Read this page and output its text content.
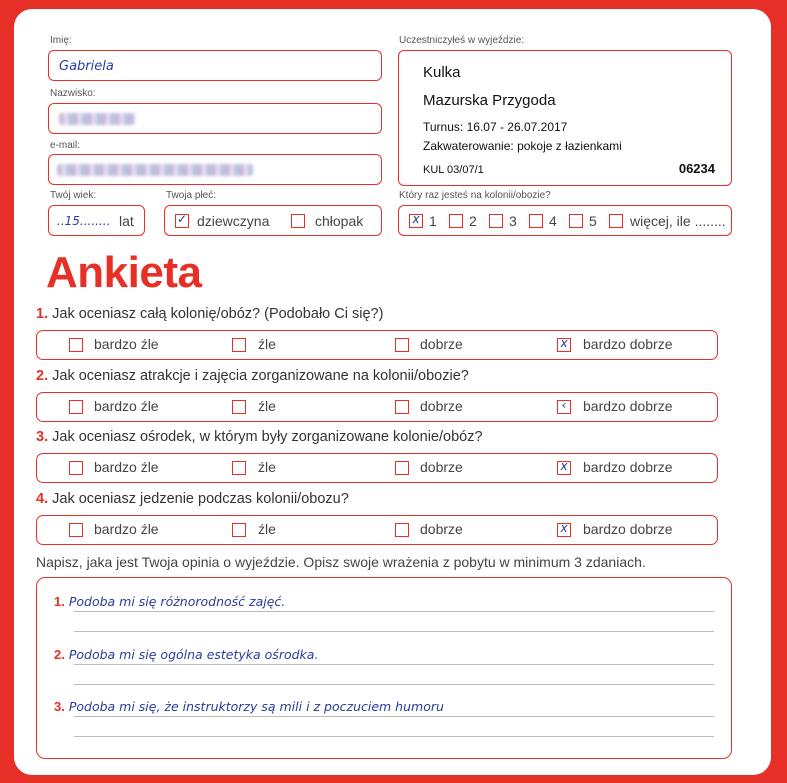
Imię:
Gabriela
Nazwisko:
e-mail:
Twój wiek:
..15........ lat
Twoja płeć:
✓ dziewczyna	chłopak
Uczestniczyłeś w wyjeździe:
Kulka
Mazurska Przygoda
Turnus: 16.07 - 26.07.2017
Zakwaterowanie: pokoje z łazienkami
KUL 03/07/1	06234
Który raz jesteś na kolonii/obozie?
x 1 2 3 4 5 więcej, ile ........
Ankieta
1. Jak oceniasz całą kolonię/obóz? (Podobało Ci się?)
bardzo źle	źle	dobrze	x bardzo dobrze
2. Jak oceniasz atrakcje i zajęcia zorganizowane na kolonii/obozie?
bardzo źle	źle	dobrze	‹ bardzo dobrze
3. Jak oceniasz ośrodek, w którym były zorganizowane kolonie/obóz?
bardzo źle	źle	dobrze	x bardzo dobrze
4. Jak oceniasz jedzenie podczas kolonii/obozu?
bardzo źle	źle	dobrze	x bardzo dobrze
Napisz, jaka jest Twoja opinia o wyjeździe. Opisz swoje wrażenia z pobytu w minimum 3 zdaniach.
1. Podoba mi się różnorodność zajęć.
2. Podoba mi się ogólna estetyka ośrodka.
3. Podoba mi się, że instruktorzy są mili i z poczuciem humoru
